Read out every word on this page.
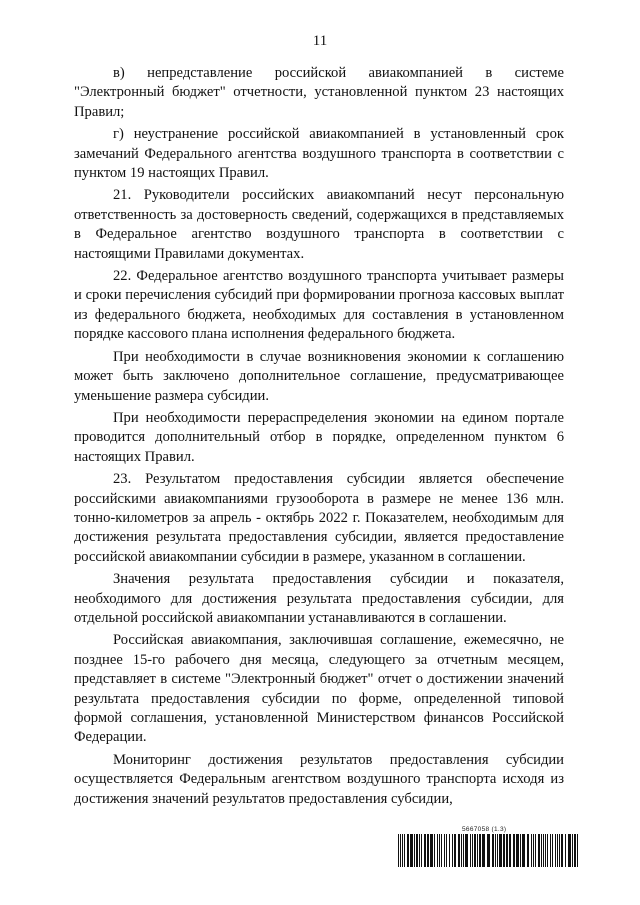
11

в) непредставление российской авиакомпанией в системе "Электронный бюджет" отчетности, установленной пунктом 23 настоящих Правил;

г) неустранение российской авиакомпанией в установленный срок замечаний Федерального агентства воздушного транспорта в соответствии с пунктом 19 настоящих Правил.

21. Руководители российских авиакомпаний несут персональную ответственность за достоверность сведений, содержащихся в представляемых в Федеральное агентство воздушного транспорта в соответствии с настоящими Правилами документах.

22. Федеральное агентство воздушного транспорта учитывает размеры и сроки перечисления субсидий при формировании прогноза кассовых выплат из федерального бюджета, необходимых для составления в установленном порядке кассового плана исполнения федерального бюджета.

При необходимости в случае возникновения экономии к соглашению может быть заключено дополнительное соглашение, предусматривающее уменьшение размера субсидии.

При необходимости перераспределения экономии на едином портале проводится дополнительный отбор в порядке, определенном пунктом 6 настоящих Правил.

23. Результатом предоставления субсидии является обеспечение российскими авиакомпаниями грузооборота в размере не менее 136 млн. тонно-километров за апрель - октябрь 2022 г. Показателем, необходимым для достижения результата предоставления субсидии, является предоставление российской авиакомпании субсидии в размере, указанном в соглашении.

Значения результата предоставления субсидии и показателя, необходимого для достижения результата предоставления субсидии, для отдельной российской авиакомпании устанавливаются в соглашении.

Российская авиакомпания, заключившая соглашение, ежемесячно, не позднее 15-го рабочего дня месяца, следующего за отчетным месяцем, представляет в системе "Электронный бюджет" отчет о достижении значений результата предоставления субсидии по форме, определенной типовой формой соглашения, установленной Министерством финансов Российской Федерации.

Мониторинг достижения результатов предоставления субсидии осуществляется Федеральным агентством воздушного транспорта исходя из достижения значений результатов предоставления субсидии,

5667058 (1.3)
